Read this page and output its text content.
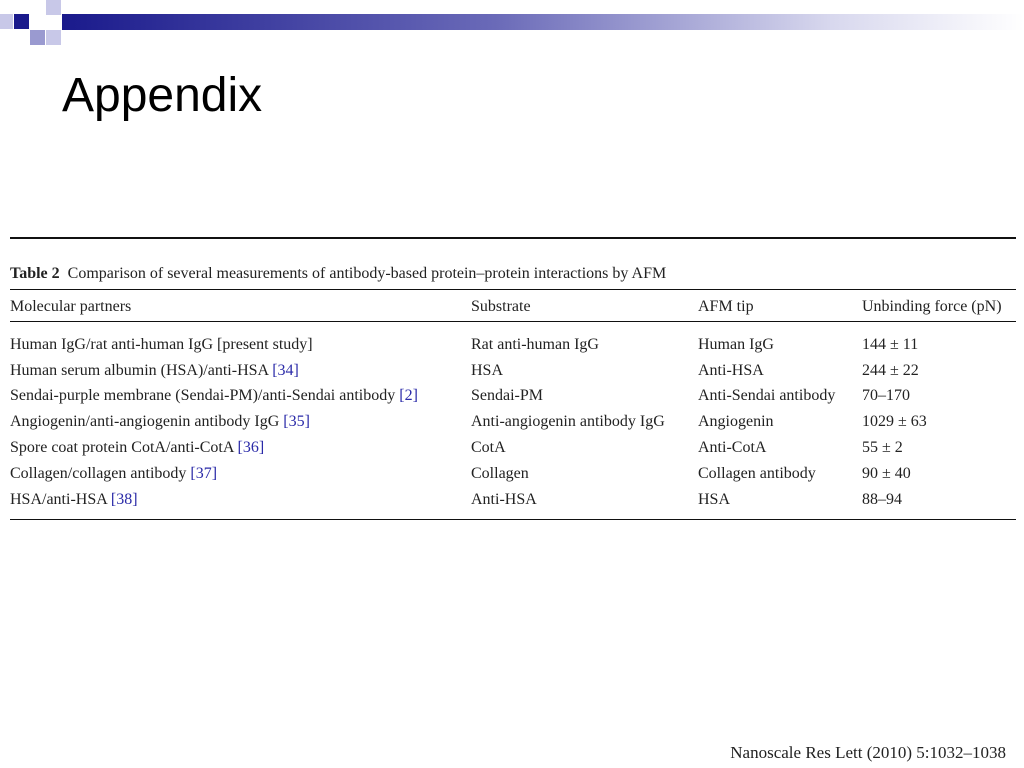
Appendix
Table 2 Comparison of several measurements of antibody-based protein–protein interactions by AFM
Molecular partners	Substrate	AFM tip	Unbinding force (pN)
Human IgG/rat anti-human IgG [present study]	Rat anti-human IgG	Human IgG	144 ± 11
Human serum albumin (HSA)/anti-HSA [34]	HSA	Anti-HSA	244 ± 22
Sendai-purple membrane (Sendai-PM)/anti-Sendai antibody [2]	Sendai-PM	Anti-Sendai antibody	70–170
Angiogenin/anti-angiogenin antibody IgG [35]	Anti-angiogenin antibody IgG	Angiogenin	1029 ± 63
Spore coat protein CotA/anti-CotA [36]	CotA	Anti-CotA	55 ± 2
Collagen/collagen antibody [37]	Collagen	Collagen antibody	90 ± 40
HSA/anti-HSA [38]	Anti-HSA	HSA	88–94
Nanoscale Res Lett (2010) 5:1032–1038
